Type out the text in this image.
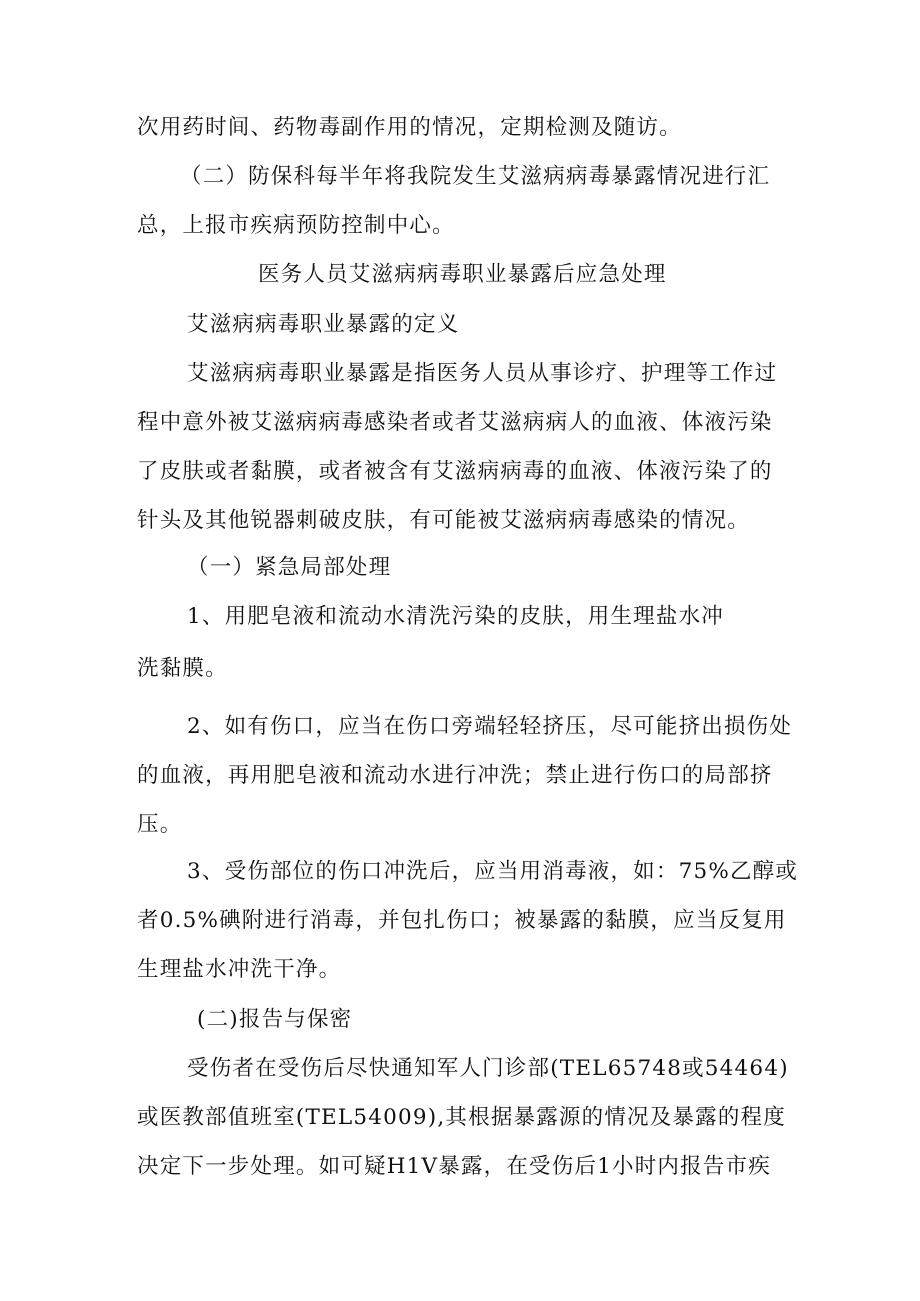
次用药时间、药物毒副作用的情况，定期检测及随访。
（二）防保科每半年将我院发生艾滋病病毒暴露情况进行汇
总，上报市疾病预防控制中心。
医务人员艾滋病病毒职业暴露后应急处理
艾滋病病毒职业暴露的定义
艾滋病病毒职业暴露是指医务人员从事诊疗、护理等工作过
程中意外被艾滋病病毒感染者或者艾滋病病人的血液、体液污染
了皮肤或者黏膜，或者被含有艾滋病病毒的血液、体液污染了的
针头及其他锐器刺破皮肤，有可能被艾滋病病毒感染的情况。
（一）紧急局部处理
1、用肥皂液和流动水清洗污染的皮肤，用生理盐水冲
洗黏膜。
2、如有伤口，应当在伤口旁端轻轻挤压，尽可能挤出损伤处
的血液，再用肥皂液和流动水进行冲洗；禁止进行伤口的局部挤
压。
3、受伤部位的伤口冲洗后，应当用消毒液，如：75%乙醇或
者0.5%碘附进行消毒，并包扎伤口；被暴露的黏膜，应当反复用
生理盐水冲洗干净。
(二)报告与保密
受伤者在受伤后尽快通知军人门诊部(TEL65748或54464)
或医教部值班室(TEL54009),其根据暴露源的情况及暴露的程度
决定下一步处理。如可疑H1V暴露，在受伤后1小时内报告市疾
